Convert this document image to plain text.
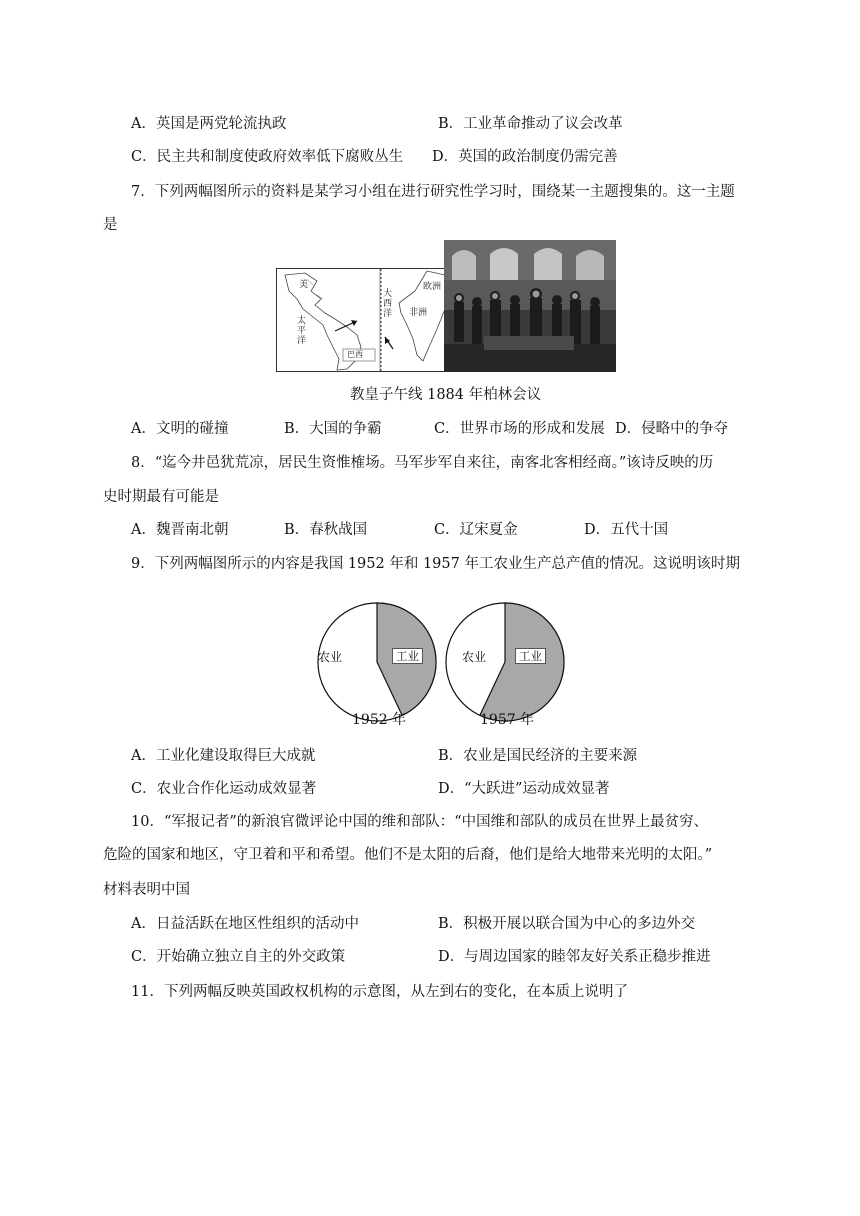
A．英国是两党轮流执政	B．工业革命推动了议会改革
C．民主共和制度使政府效率低下腐败丛生 D．英国的政治制度仍需完善
7．下列两幅图所示的资料是某学习小组在进行研究性学习时，围绕某一主题搜集的。这一主题
是
美
太
平
洋
大西洋
欧洲
非洲
巴西
教皇子午线 1884 年柏林会议
A．文明的碰撞	B．大国的争霸	C．世界市场的形成和发展 D．侵略中的争夺
8．“迄今井邑犹荒凉，居民生资惟榷场。马军步军自来往，南客北客相经商。”该诗反映的历
史时期最有可能是
A．魏晋南北朝	B．春秋战国	C．辽宋夏金	D．五代十国
9．下列两幅图所示的内容是我国 1952 年和 1957 年工农业生产总产值的情况。这说明该时期
农业	工业
1952 年
农业	工业
1957 年
A．工业化建设取得巨大成就	B．农业是国民经济的主要来源
C．农业合作化运动成效显著	D．“大跃进”运动成效显著
10．“军报记者”的新浪官微评论中国的维和部队：“中国维和部队的成员在世界上最贫穷、
危险的国家和地区，守卫着和平和希望。他们不是太阳的后裔，他们是给大地带来光明的太阳。”
材料表明中国
A．日益活跃在地区性组织的活动中	B．积极开展以联合国为中心的多边外交
C．开始确立独立自主的外交政策	D．与周边国家的睦邻友好关系正稳步推进
11．下列两幅反映英国政权机构的示意图，从左到右的变化，在本质上说明了
